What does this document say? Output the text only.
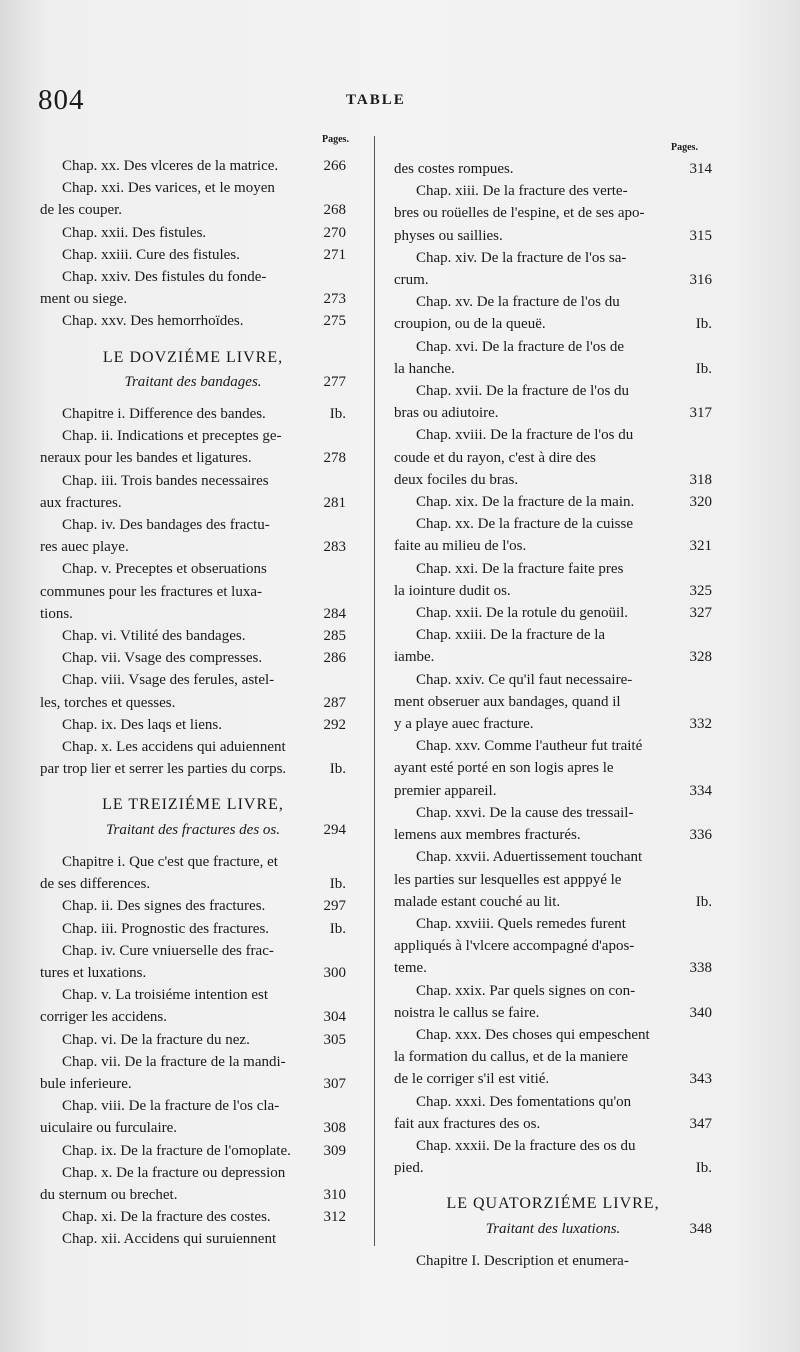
804	TABLE
Pages.
Pages.
Chap. xx. Des vlceres de la matrice.	266
Chap. xxi. Des varices, et le moyen
de les couper.	268
Chap. xxii. Des fistules.	270
Chap. xxiii. Cure des fistules.	271
Chap. xxiv. Des fistules du fonde-
ment ou siege.	273
Chap. xxv. Des hemorrhoïdes.	275
LE DOVZIÉME LIVRE,
Traitant des bandages.	277
Chapitre i. Difference des bandes.	Ib.
Chap. ii. Indications et preceptes ge-
neraux pour les bandes et ligatures.	278
Chap. iii. Trois bandes necessaires
aux fractures.	281
Chap. iv. Des bandages des fractu-
res auec playe.	283
Chap. v. Preceptes et obseruations
communes pour les fractures et luxa-
tions.	284
Chap. vi. Vtilité des bandages.	285
Chap. vii. Vsage des compresses.	286
Chap. viii. Vsage des ferules, astel-
les, torches et quesses.	287
Chap. ix. Des laqs et liens.	292
Chap. x. Les accidens qui aduiennent
par trop lier et serrer les parties du corps.	Ib.
LE TREIZIÉME LIVRE,
Traitant des fractures des os.	294
Chapitre i. Que c'est que fracture, et
de ses differences.	Ib.
Chap. ii. Des signes des fractures.	297
Chap. iii. Prognostic des fractures.	Ib.
Chap. iv. Cure vniuerselle des frac-
tures et luxations.	300
Chap. v. La troisiéme intention est
corriger les accidens.	304
Chap. vi. De la fracture du nez.	305
Chap. vii. De la fracture de la mandi-
bule inferieure.	307
Chap. viii. De la fracture de l'os cla-
uiculaire ou furculaire.	308
Chap. ix. De la fracture de l'omoplate.	309
Chap. x. De la fracture ou depression
du sternum ou brechet.	310
Chap. xi. De la fracture des costes.	312
Chap. xii. Accidens qui suruiennent
des costes rompues.	314
Chap. xiii. De la fracture des verte-
bres ou roüelles de l'espine, et de ses apo-
physes ou saillies.	315
Chap. xiv. De la fracture de l'os sa-
crum.	316
Chap. xv. De la fracture de l'os du
croupion, ou de la queuë.	Ib.
Chap. xvi. De la fracture de l'os de
la hanche.	Ib.
Chap. xvii. De la fracture de l'os du
bras ou adiutoire.	317
Chap. xviii. De la fracture de l'os du
coude et du rayon, c'est à dire des
deux fociles du bras.	318
Chap. xix. De la fracture de la main.	320
Chap. xx. De la fracture de la cuisse
faite au milieu de l'os.	321
Chap. xxi. De la fracture faite pres
la iointure dudit os.	325
Chap. xxii. De la rotule du genoüil.	327
Chap. xxiii. De la fracture de la
iambe.	328
Chap. xxiv. Ce qu'il faut necessaire-
ment obseruer aux bandages, quand il
y a playe auec fracture.	332
Chap. xxv. Comme l'autheur fut traité
ayant esté porté en son logis apres le
premier appareil.	334
Chap. xxvi. De la cause des tressail-
lemens aux membres fracturés.	336
Chap. xxvii. Aduertissement touchant
les parties sur lesquelles est apppyé le
malade estant couché au lit.	Ib.
Chap. xxviii. Quels remedes furent
appliqués à l'vlcere accompagné d'apos-
teme.	338
Chap. xxix. Par quels signes on con-
noistra le callus se faire.	340
Chap. xxx. Des choses qui empeschent
la formation du callus, et de la maniere
de le corriger s'il est vitié.	343
Chap. xxxi. Des fomentations qu'on
fait aux fractures des os.	347
Chap. xxxii. De la fracture des os du
pied.	Ib.
LE QUATORZIÉME LIVRE,
Traitant des luxations.	348
Chapitre I. Description et enumera-
